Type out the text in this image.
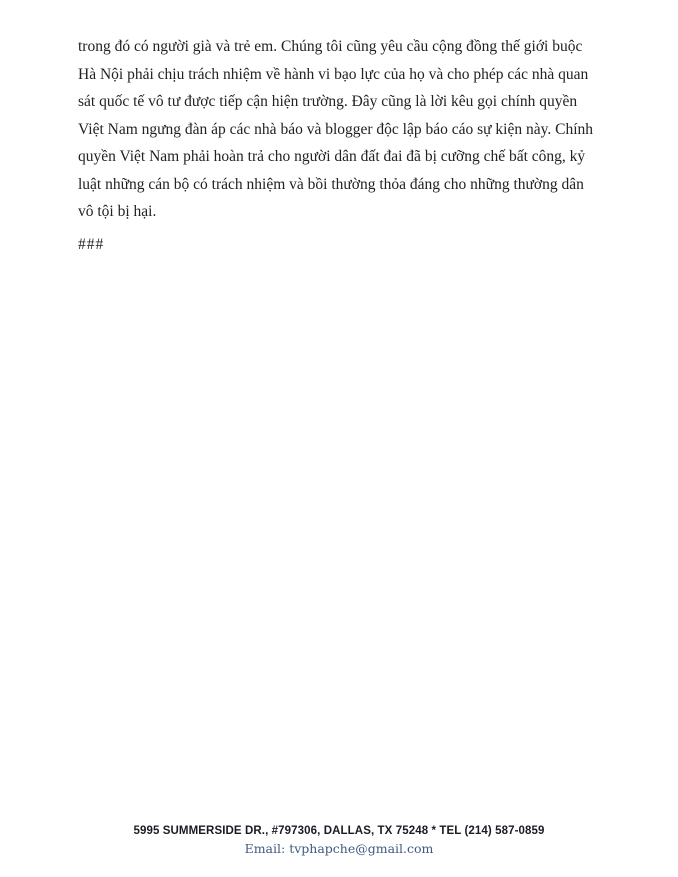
trong đó có người già và trẻ em. Chúng tôi cũng yêu cầu cộng đồng thế giới buộc
Hà Nội phải chịu trách nhiệm về hành vi bạo lực của họ và cho phép các nhà quan
sát quốc tế vô tư được tiếp cận hiện trường. Đây cũng là lời kêu gọi chính quyền
Việt Nam ngưng đàn áp các nhà báo và blogger độc lập báo cáo sự kiện này. Chính
quyền Việt Nam phải hoàn trả cho người dân đất đai đã bị cưỡng chế bất công, kỷ
luật những cán bộ có trách nhiệm và bồi thường thỏa đáng cho những thường dân
vô tội bị hại.
###
5995 SUMMERSIDE DR., #797306, DALLAS, TX 75248 * TEL (214) 587-0859
Email: tvphapche@gmail.com
